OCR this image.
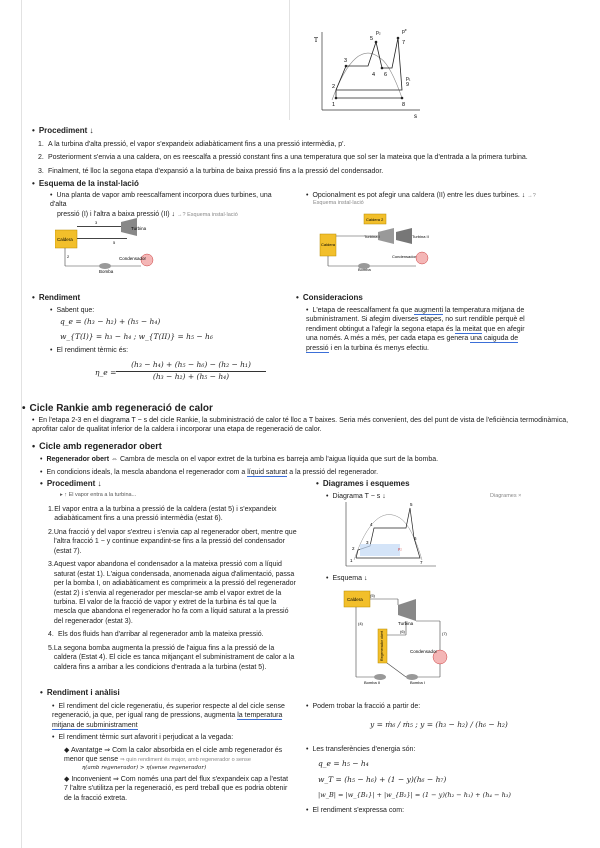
T
s
1
2
3
4
5
6
7
8
9
p₂	p*
p₁
• Procediment ↓
1. A la turbina d'alta pressió, el vapor s'expandeix adiabàticament fins a una pressió intermèdia, p'.
2. Posteriorment s'envia a una caldera, on es reescalfa a pressió constant fins a una temperatura que sol ser la mateixa que la d'entrada a la primera turbina.
3. Finalment, té lloc la segona etapa d'expansió a la turbina de baixa pressió fins a la pressió del condensador.
• Esquema de la instal·lació
• Una planta de vapor amb reescalfament incorpora dues turbines, una d'alta
pressió (I) i l'altra a baixa pressió (II) ↓ →? Esquema instal·lació
• Opcionalment es pot afegir una caldera (II) entre les dues turbines. ↓ →?
Esquema instal·lació
Caldera
Turbina
Condensador
Bomba
2
3
5	Caldera
Caldera 2
Turbina I	Turbina II
Condensador
Bomba
• Rendiment
• Sabent que:
q_e = (h₃ − h₂) + (h₅ − h₄)
w_{T(I)} = h₃ − h₄ ; w_{T(II)} = h₅ − h₆
• El rendiment tèrmic és:
η_e =
(h₃ − h₄) + (h₅ − h₆) − (h₂ − h₁)
(h₃ − h₂) + (h₅ − h₄)
• Consideracions
• L'etapa de reescalfament fa que augmenti la temperatura mitjana de subministrament. Si afegim diverses etapes, no surt rendible perquè el rendiment obtingut a l'afegir la segona etapa és la meitat que en afegir una només. A més a més, per cada etapa es genera una caiguda de pressió i en la turbina és menys efectiu.
• Cicle Rankie amb regeneració de calor
• En l'etapa 2-3 en el diagrama T − s del cicle Rankie, la subministració de calor té lloc a T baixes. Seria més convenient, des del punt de vista de l'eficiència termodinàmica, aprofitar calor de qualitat inferior de la caldera i incorporar una etapa de regeneració de calor.
• Cicle amb regenerador obert
• Regenerador obert ⇔ Cambra de mescla on el vapor extret de la turbina es barreja amb l'aigua líquida que surt de la bomba.
• En condicions ideals, la mescla abandona el regenerador com a líquid saturat a la pressió del regenerador.
• Procediment ↓
▸ ↑ El vapor entra a la turbina...
1. El vapor entra a la turbina a pressió de la caldera (estat 5) i s'expandeix adiabàticament fins a una pressió intermèdia (estat 6).
2. Una fracció y del vapor s'extreu i s'envia cap al regenerador obert, mentre que l'altra fracció 1 − y continue expandint-se fins a la pressió del condensador (estat 7).
3. Aquest vapor abandona el condensador a la mateixa pressió com a líquid saturat (estat 1). L'aigua condensada, anomenada aigua d'alimentació, passa per la bomba I, on adiabàticament es comprimeix a la pressió del regenerador (estat 2) i s'envia al regenerador per mesclar-se amb el vapor extret de la turbina. El valor de la fracció de vapor y extret de la turbina és tal que la mescla que abandona el regenerador ho fa com a líquid saturat a la pressió del regenerador (estat 3).
4. Els dos fluids han d'arribar al regenerador amb la mateixa pressió.
5. La segona bomba augmenta la pressió de l'aigua fins a la pressió de la caldera (Estat 4). El cicle es tanca mitjançant el subministrament de calor a la caldera fins a arribar a les condicions d'entrada a la turbina (estat 5).
• Diagrames i esquemes
• Diagrama T − s ↓	Diagrames ×
1
2
3
4
5
6
7
p₂
• Esquema ↓
Caldera
Turbina
Regenerador obert	Condensador
Bomba II	Bomba I
(4)
(5)
(6)	(7)
• Rendiment i anàlisi
• El rendiment del cicle regeneratiu, és superior respecte al del cicle sense regeneració, ja que, per igual rang de pressions, augmenta la temperatura mitjana de subministrament
• El rendiment tèrmic surt afavorit i perjudicat a la vegada:
◆ Avantatge ⇒ Com la calor absorbida en el cicle amb regenerador és menor que sense ⇒ quin rendiment és major, amb regenerador o sense
η(amb regenerador) > η(sense regenerador)
◆ Inconvenient ⇒ Com només una part del flux s'expandeix cap a l'estat 7 l'altre s'utilitza per la regeneració, es perd treball que es podria obtenir de la fracció extreta.
• Podem trobar la fracció a partir de:
y = ṁ₆ / ṁ₅ ; y = (h₃ − h₂) / (h₆ − h₂)
• Les transferències d'energia són:
q_e = h₅ − h₄
w_T = (h₅ − h₆) + (1 − y)(h₆ − h₇)
|w_B| = |w_{B₁}| + |w_{B₂}| = (1 − y)(h₂ − h₁) + (h₄ − h₃)
• El rendiment s'expressa com:
